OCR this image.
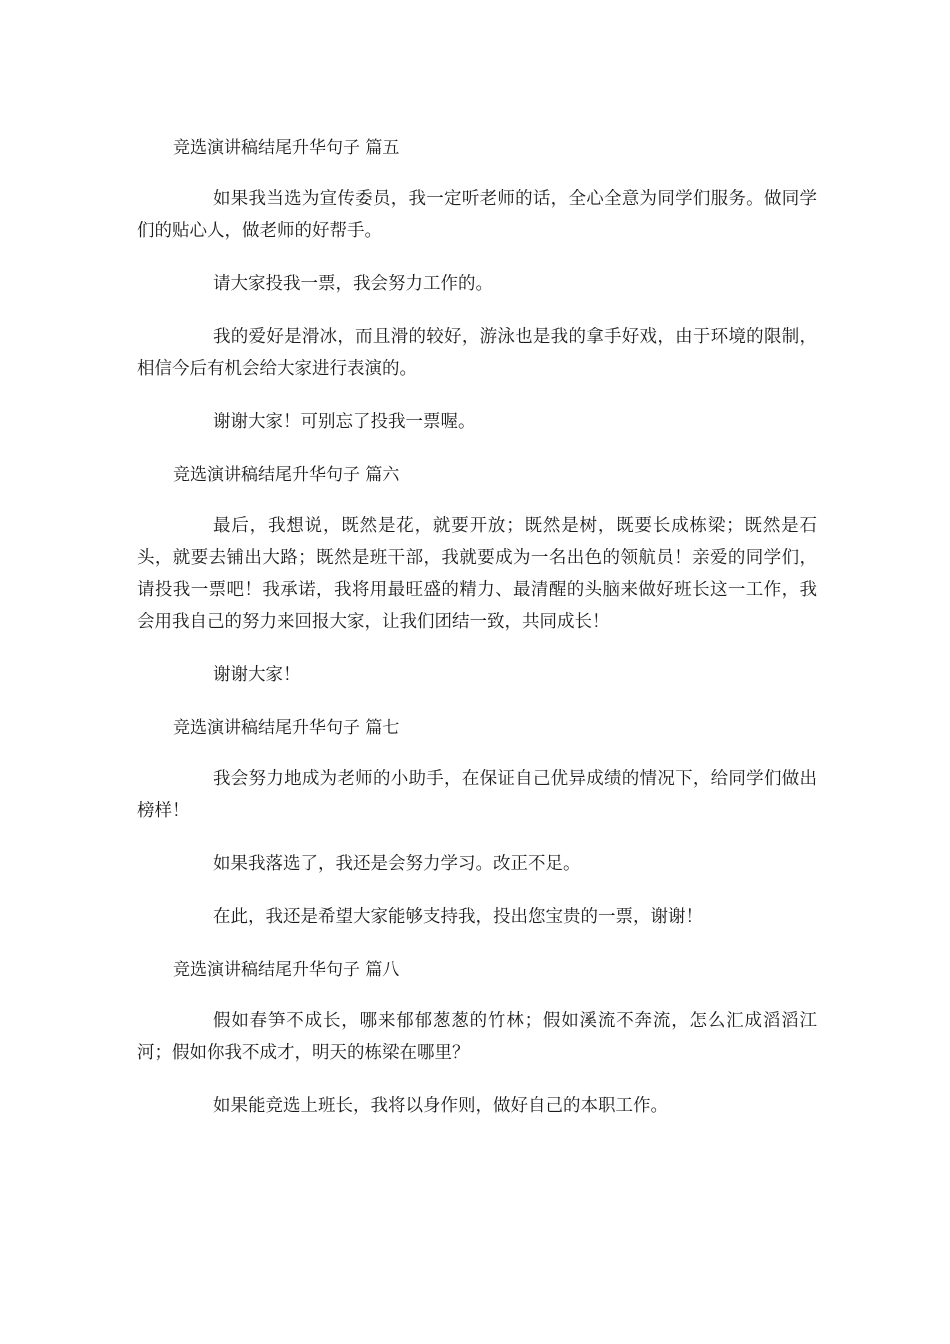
竞选演讲稿结尾升华句子 篇五

如果我当选为宣传委员，我一定听老师的话，全心全意为同学们服务。做同学们的贴心人，做老师的好帮手。

请大家投我一票，我会努力工作的。

我的爱好是滑冰，而且滑的较好，游泳也是我的拿手好戏，由于环境的限制，相信今后有机会给大家进行表演的。

谢谢大家！可别忘了投我一票喔。

竞选演讲稿结尾升华句子 篇六

最后，我想说，既然是花，就要开放；既然是树，既要长成栋梁；既然是石头，就要去铺出大路；既然是班干部，我就要成为一名出色的领航员！亲爱的同学们，请投我一票吧！我承诺，我将用最旺盛的精力、最清醒的头脑来做好班长这一工作，我会用我自己的努力来回报大家，让我们团结一致，共同成长！

谢谢大家！

竞选演讲稿结尾升华句子 篇七

我会努力地成为老师的小助手，在保证自己优异成绩的情况下，给同学们做出榜样！

如果我落选了，我还是会努力学习。改正不足。

在此，我还是希望大家能够支持我，投出您宝贵的一票，谢谢！

竞选演讲稿结尾升华句子 篇八

假如春笋不成长，哪来郁郁葱葱的竹林；假如溪流不奔流，怎么汇成滔滔江河；假如你我不成才，明天的栋梁在哪里？

如果能竞选上班长，我将以身作则，做好自己的本职工作。
